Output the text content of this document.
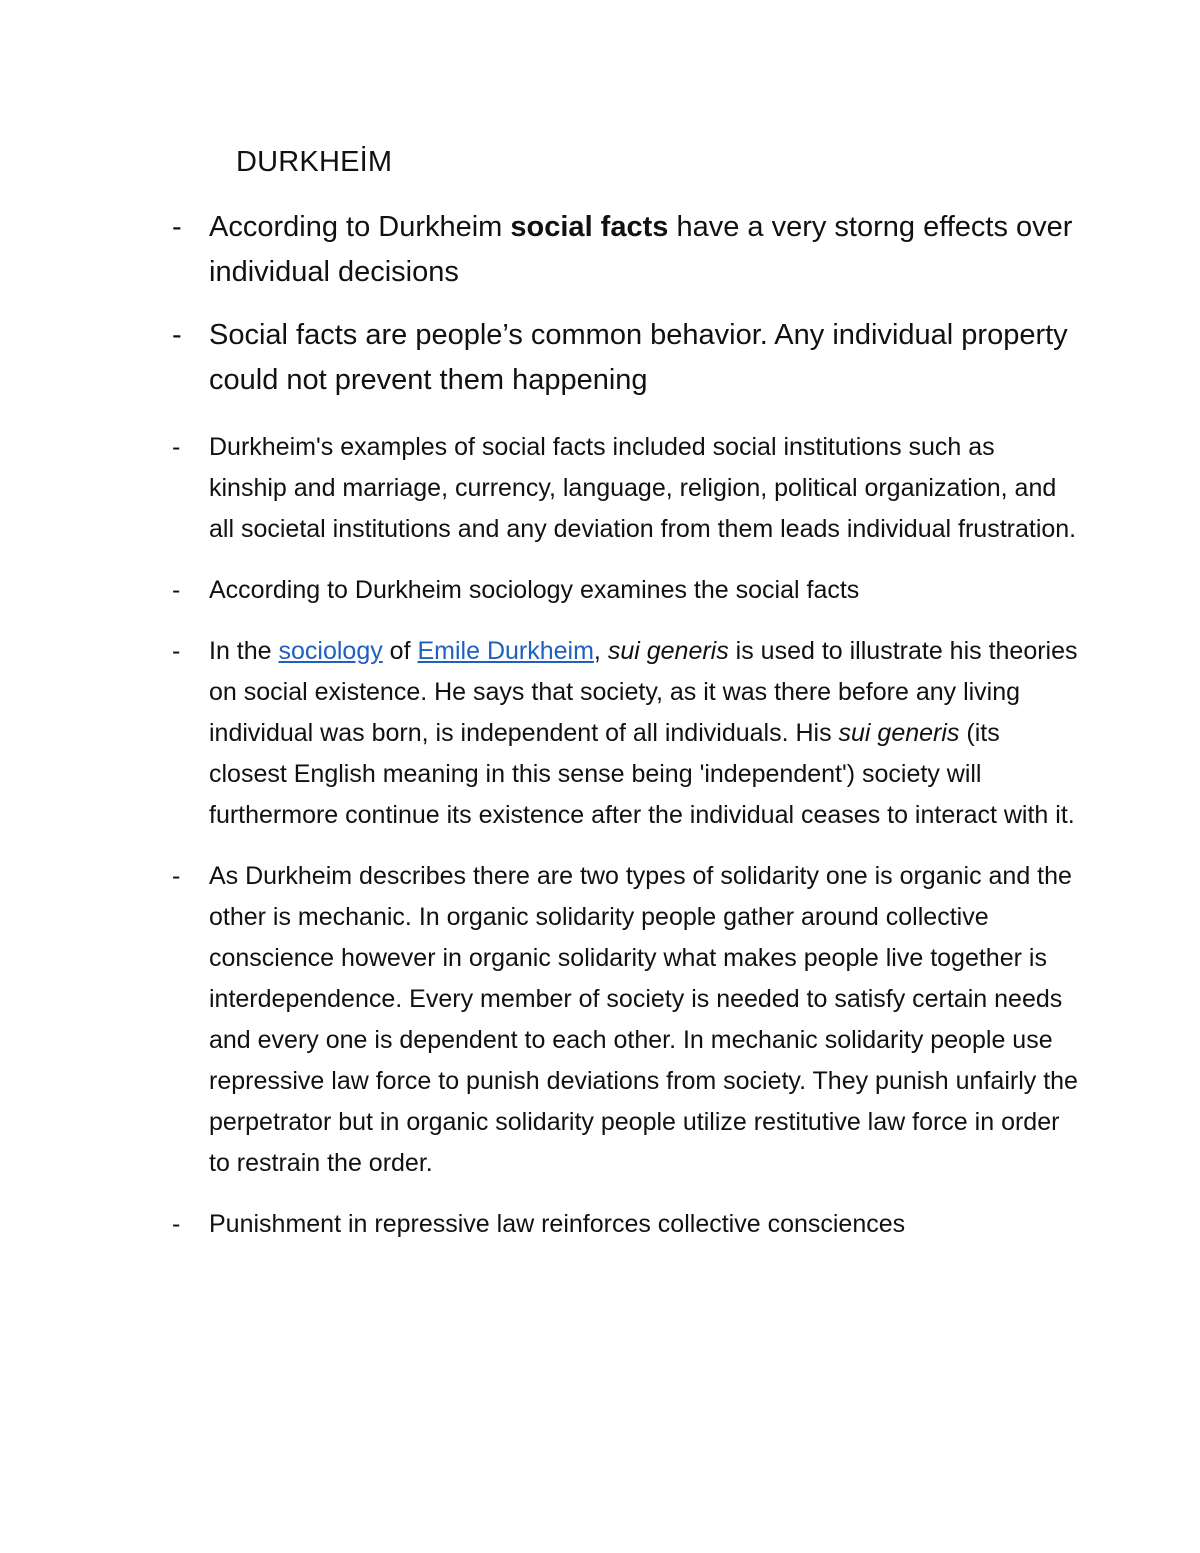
DURKHEİM
- According to Durkheim social facts have a very storng effects over individual decisions
- Social facts are people’s common behavior. Any individual property could not prevent them happening
- Durkheim's examples of social facts included social institutions such as kinship and marriage, currency, language, religion, political organization, and all societal institutions and any deviation from them leads individual frustration.
- According to Durkheim sociology examines the social facts
- In the sociology of Emile Durkheim, sui generis is used to illustrate his theories on social existence. He says that society, as it was there before any living individual was born, is independent of all individuals. His sui generis (its closest English meaning in this sense being 'independent') society will furthermore continue its existence after the individual ceases to interact with it.
- As Durkheim describes there are two types of solidarity one is organic and the other is mechanic. In organic solidarity people gather around collective conscience however in organic solidarity what makes people live together is interdependence. Every member of society is needed to satisfy certain needs and every one is dependent to each other. In mechanic solidarity people use repressive law force to punish deviations from society. They punish unfairly the perpetrator but in organic solidarity people utilize restitutive law force in order to restrain the order.
- Punishment in repressive law reinforces collective consciences
